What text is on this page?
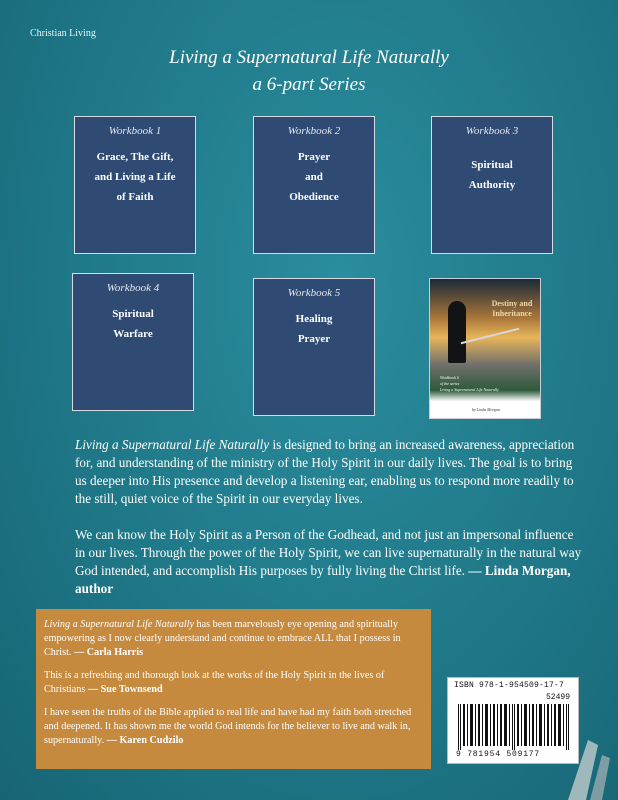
Christian Living
Living a Supernatural Life Naturally
a 6-part Series
Workbook 1
Grace, The Gift,
and Living a Life
of Faith
Workbook 2
Prayer
and
Obedience
Workbook 3
Spiritual
Authority
Workbook 4
Spiritual
Warfare
Workbook 5
Healing
Prayer
Destiny and Inheritance
Workbook 6
of the series
Living a Supernatural Life Naturally
by Linda Morgan
Living a Supernatural Life Naturally is designed to bring an increased awareness, appreciation for, and understanding of the ministry of the Holy Spirit in our daily lives. The goal is to bring us deeper into His presence and develop a listening ear, enabling us to respond more readily to the still, quiet voice of the Spirit in our everyday lives.
We can know the Holy Spirit as a Person of the Godhead, and not just an impersonal influence in our lives. Through the power of the Holy Spirit, we can live supernaturally in the natural way God intended, and accomplish His purposes by fully living the Christ life. — Linda Morgan, author

Living a Supernatural Life Naturally has been marvelously eye opening and spiritually empowering as I now clearly understand and continue to embrace ALL that I possess in Christ. — Carla Harris

This is a refreshing and thorough look at the works of the Holy Spirit in the lives of Christians — Sue Townsend

I have seen the truths of the Bible applied to real life and have had my faith both stretched and deepened. It has shown me the world God intends for the believer to live and walk in, supernaturally. — Karen Cudzilo

ISBN 978-1-954509-17-7
52499
9 781954 509177
